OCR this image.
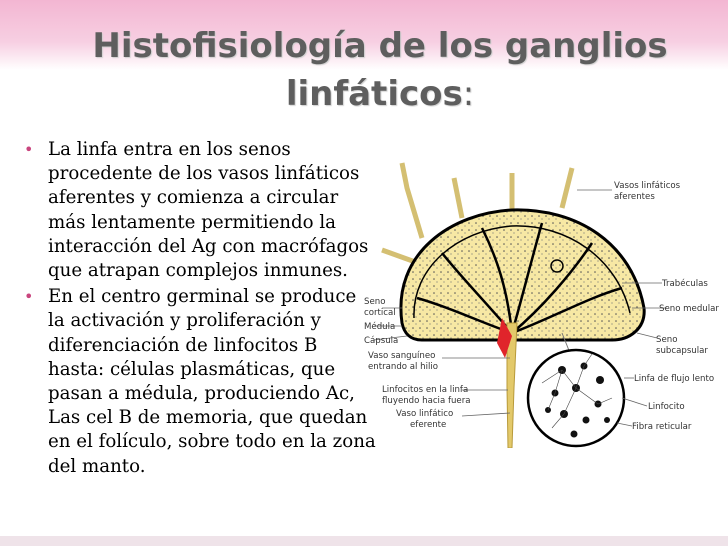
Histofisiología de los ganglios linfáticos:
• La linfa entra en los senos procedente de los vasos linfáticos aferentes y comienza a circular más lentamente permitiendo la interacción del Ag con macrófagos que atrapan complejos inmunes.
• En el centro germinal se produce la activación y proliferación y diferenciación de linfocitos B hasta: células plasmáticas, que pasan a médula, produciendo Ac, Las cel B de memoria, que quedan en el folículo, sobre todo en la zona del manto.
Vasos linfáticos
aferentes
Trabéculas
Seno medular
Seno
cortical
Médula
Cápsula	Seno
subcapsular
Vaso sanguíneo
entrando al hilio
Linfa de flujo lento
Linfocitos en la linfa
fluyendo hacia fuera
Linfocito
Vaso linfático
eferente	Fibra reticular
